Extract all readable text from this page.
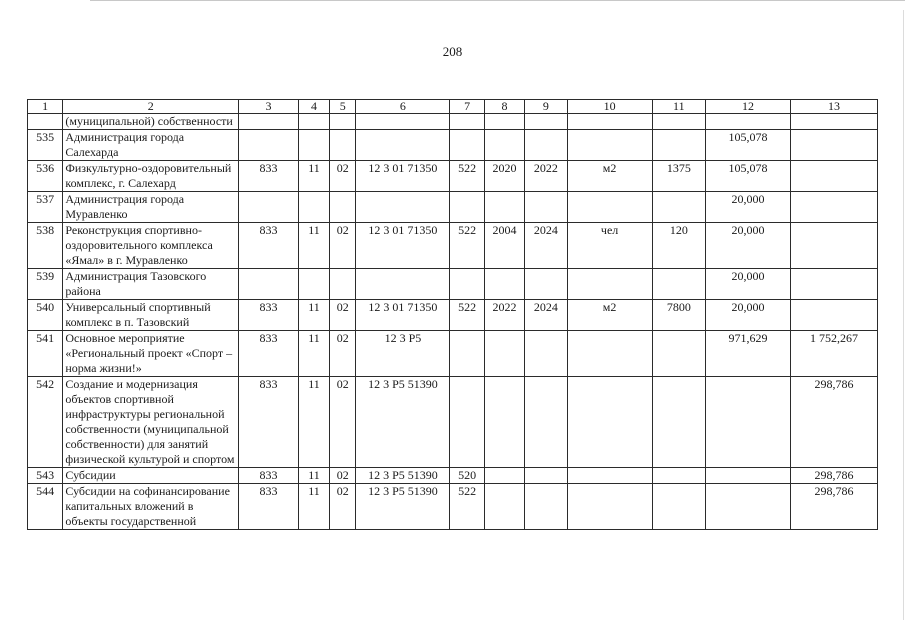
208
1	2	3	4	5	6	7	8	9	10	11	12	13
	(муниципальной) собственности											
535	Администрация города Салехарда										105,078	
536	Физкультурно-оздоровительный комплекс, г. Салехард	833	11	02	12 3 01 71350	522	2020	2022	м2	1375	105,078	
537	Администрация города Муравленко										20,000	
538	Реконструкция спортивно-оздоровительного комплекса «Ямал» в г. Муравленко	833	11	02	12 3 01 71350	522	2004	2024	чел	120	20,000	
539	Администрация Тазовского района										20,000	
540	Универсальный спортивный комплекс в п. Тазовский	833	11	02	12 3 01 71350	522	2022	2024	м2	7800	20,000	
541	Основное мероприятие «Региональный проект «Спорт – норма жизни!»	833	11	02	12 3 P5						971,629	1 752,267
542	Создание и модернизация объектов спортивной инфраструктуры региональной собственности (муниципальной собственности) для занятий физической культурой и спортом	833	11	02	12 3 P5 51390							298,786
543	Субсидии	833	11	02	12 3 P5 51390	520						298,786
544	Субсидии на софинансирование капитальных вложений в объекты государственной	833	11	02	12 3 P5 51390	522						298,786
